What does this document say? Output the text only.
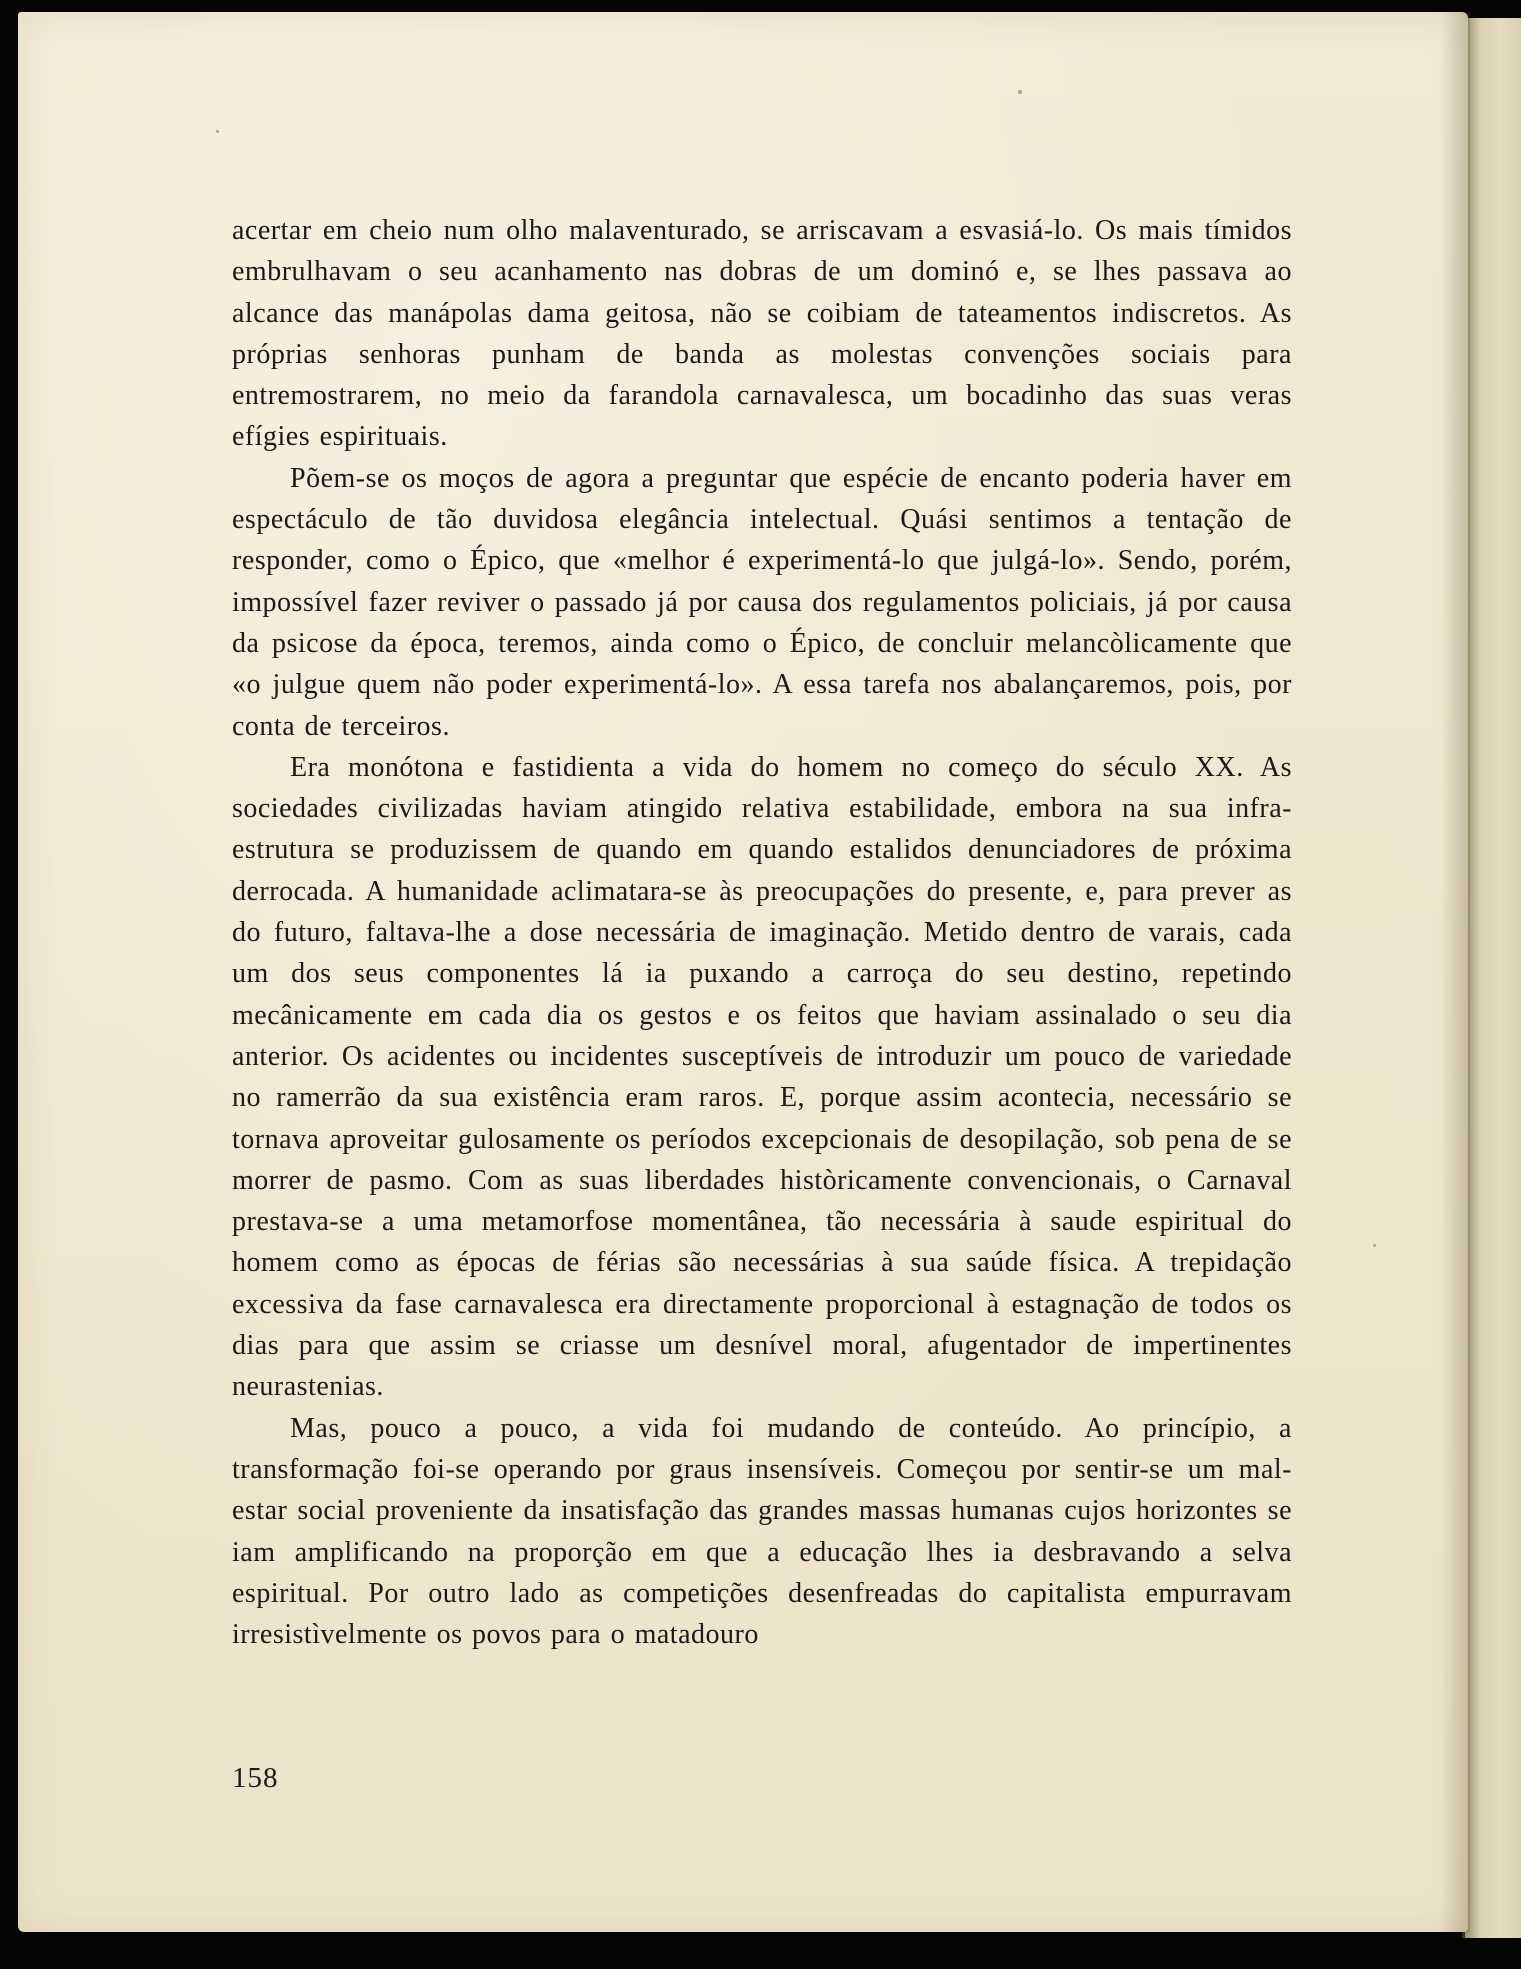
acertar em cheio num olho malaventurado, se arriscavam a esvasiá-lo. Os mais tímidos embrulhavam o seu acanhamento nas dobras de um dominó e, se lhes passava ao alcance das manápolas dama geitosa, não se coibiam de tateamentos indiscretos. As próprias senhoras punham de banda as molestas convenções sociais para entremostrarem, no meio da farandola carnavalesca, um bocadinho das suas veras efígies espirituais.

Põem-se os moços de agora a preguntar que espécie de encanto poderia haver em espectáculo de tão duvidosa elegância intelectual. Quási sentimos a tentação de responder, como o Épico, que «melhor é experimentá-lo que julgá-lo». Sendo, porém, impossível fazer reviver o passado já por causa dos regulamentos policiais, já por causa da psicose da época, teremos, ainda como o Épico, de concluir melancòlicamente que «o julgue quem não poder experimentá-lo». A essa tarefa nos abalançaremos, pois, por conta de terceiros.

Era monótona e fastidienta a vida do homem no começo do século XX. As sociedades civilizadas haviam atingido relativa estabilidade, embora na sua infra-estrutura se produzissem de quando em quando estalidos denunciadores de próxima derrocada. A humanidade aclimatara-se às preocupações do presente, e, para prever as do futuro, faltava-lhe a dose necessária de imaginação. Metido dentro de varais, cada um dos seus componentes lá ia puxando a carroça do seu destino, repetindo mecânicamente em cada dia os gestos e os feitos que haviam assinalado o seu dia anterior. Os acidentes ou incidentes susceptíveis de introduzir um pouco de variedade no ramerrão da sua existência eram raros. E, porque assim acontecia, necessário se tornava aproveitar gulosamente os períodos excepcionais de desopilação, sob pena de se morrer de pasmo. Com as suas liberdades històricamente convencionais, o Carnaval prestava-se a uma metamorfose momentânea, tão necessária à saude espiritual do homem como as épocas de férias são necessárias à sua saúde física. A trepidação excessiva da fase carnavalesca era directamente proporcional à estagnação de todos os dias para que assim se criasse um desnível moral, afugentador de impertinentes neurastenias.

Mas, pouco a pouco, a vida foi mudando de conteúdo. Ao princípio, a transformação foi-se operando por graus insensíveis. Começou por sentir-se um mal-estar social proveniente da insatisfação das grandes massas humanas cujos horizontes se iam amplificando na proporção em que a educação lhes ia desbravando a selva espiritual. Por outro lado as competições desenfreadas do capitalista empurravam irresistìvelmente os povos para o matadouro

158
